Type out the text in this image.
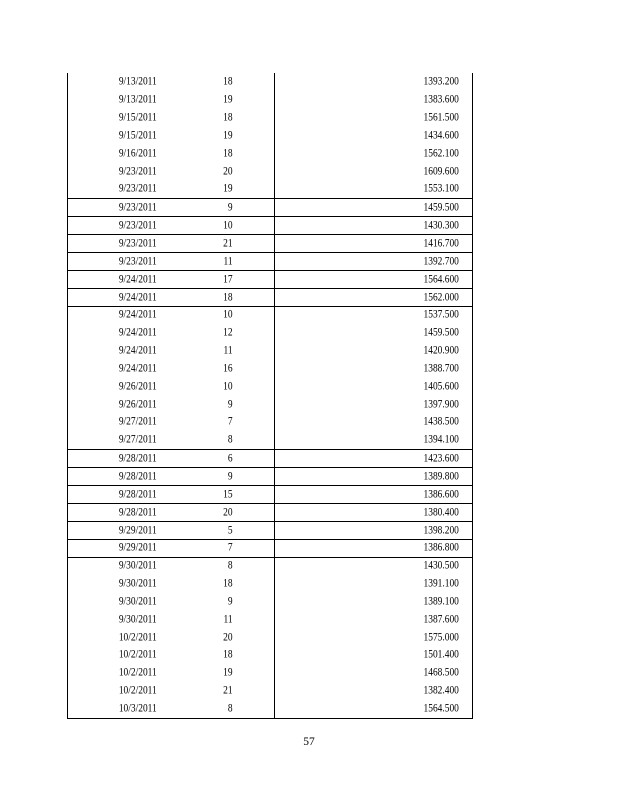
9/13/2011	18	1393.200
9/13/2011	19	1383.600
9/15/2011	18	1561.500
9/15/2011	19	1434.600
9/16/2011	18	1562.100
9/23/2011	20	1609.600
9/23/2011	19	1553.100
9/23/2011	9	1459.500
9/23/2011	10	1430.300
9/23/2011	21	1416.700
9/23/2011	11	1392.700
9/24/2011	17	1564.600
9/24/2011	18	1562.000
9/24/2011	10	1537.500
9/24/2011	12	1459.500
9/24/2011	11	1420.900
9/24/2011	16	1388.700
9/26/2011	10	1405.600
9/26/2011	9	1397.900
9/27/2011	7	1438.500
9/27/2011	8	1394.100
9/28/2011	6	1423.600
9/28/2011	9	1389.800
9/28/2011	15	1386.600
9/28/2011	20	1380.400
9/29/2011	5	1398.200
9/29/2011	7	1386.800
9/30/2011	8	1430.500
9/30/2011	18	1391.100
9/30/2011	9	1389.100
9/30/2011	11	1387.600
10/2/2011	20	1575.000
10/2/2011	18	1501.400
10/2/2011	19	1468.500
10/2/2011	21	1382.400
10/3/2011	8	1564.500
57
